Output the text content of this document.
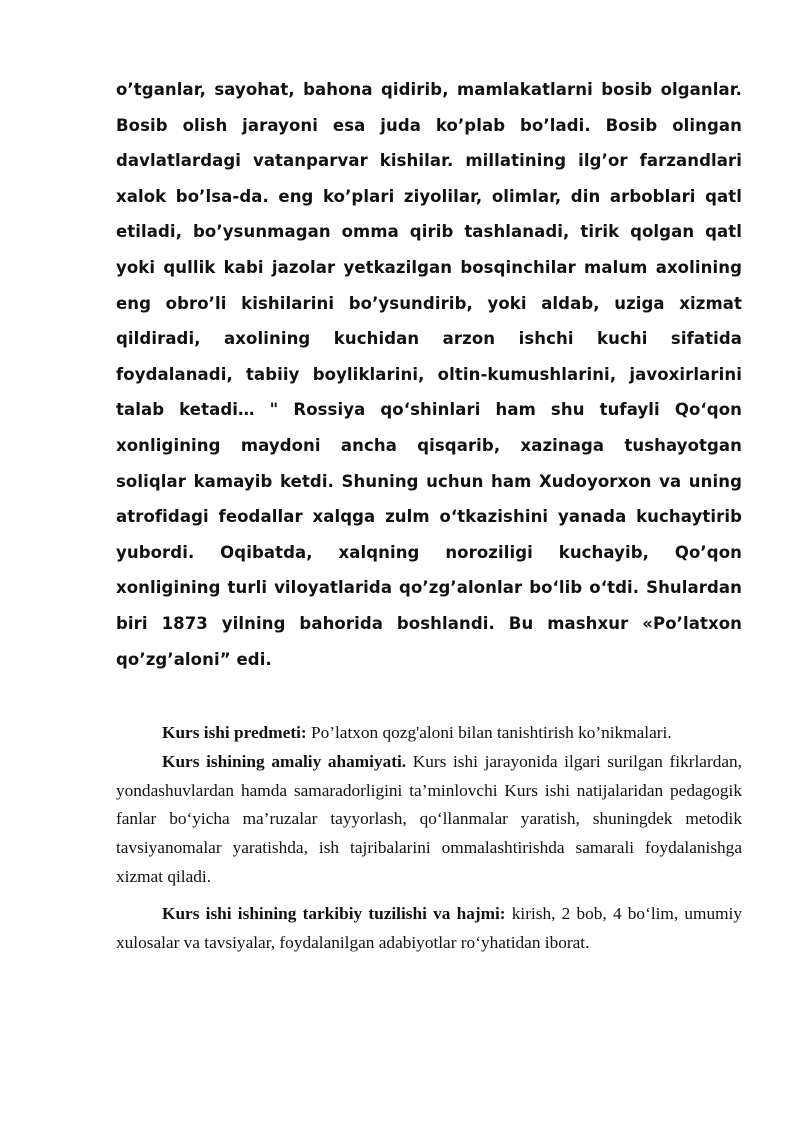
o’tganlar, sayohat, bahona qidirib, mamlakatlarni bosib olganlar. Bosib olish jarayoni esa juda ko’plab bo’ladi. Bosib olingan davlatlardagi vatanparvar kishilar. millatining ilg’or farzandlari xalok bo’lsa-da. eng ko’plari ziyolilar, olimlar, din arboblari qatl etiladi, bo’ysunmagan omma qirib tashlanadi, tirik qolgan qatl yoki qullik kabi jazolar yetkazilgan bosqinchilar malum axolining eng obro’li kishilarini bo’ysundirib, yoki aldab, uziga xizmat qildiradi, axolining kuchidan arzon ishchi kuchi sifatida foydalanadi, tabiiy boyliklarini, oltin-kumushlarini, javoxirlarini talab ketadi… " Rossiya qo‘shinlari ham shu tufayli Qo‘qon xonligining maydoni ancha qisqarib, xazinaga tushayotgan soliqlar kamayib ketdi. Shuning uchun ham Xudoyorxon va uning atrofidagi feodallar xalqga zulm o‘tkazishini yanada kuchaytirib yubordi. Oqibatda, xalqning noroziligi kuchayib, Qo’qon xonligining turli viloyatlarida qo’zg’alonlar bo‘lib o‘tdi. Shulardan biri 1873 yilning bahorida boshlandi. Bu mashxur «Po’latxon qo’zg’aloni” edi.

Kurs ishi predmeti: Po’latxon qozg'aloni bilan tanishtirish ko’nikmalari.

Kurs ishining amaliy ahamiyati. Kurs ishi jarayonida ilgari surilgan fikrlardan, yondashuvlardan hamda samaradorligini ta’minlovchi Kurs ishi natijalaridan pedagogik fanlar bo‘yicha ma’ruzalar tayyorlash, qo‘llanmalar yaratish, shuningdek metodik tavsiyanomalar yaratishda, ish tajribalarini ommalashtirishda samarali foydalanishga xizmat qiladi.

Kurs ishi ishining tarkibiy tuzilishi va hajmi: kirish, 2 bob, 4 bo‘lim, umumiy xulosalar va tavsiyalar, foydalanilgan adabiyotlar ro‘yhatidan iborat.
